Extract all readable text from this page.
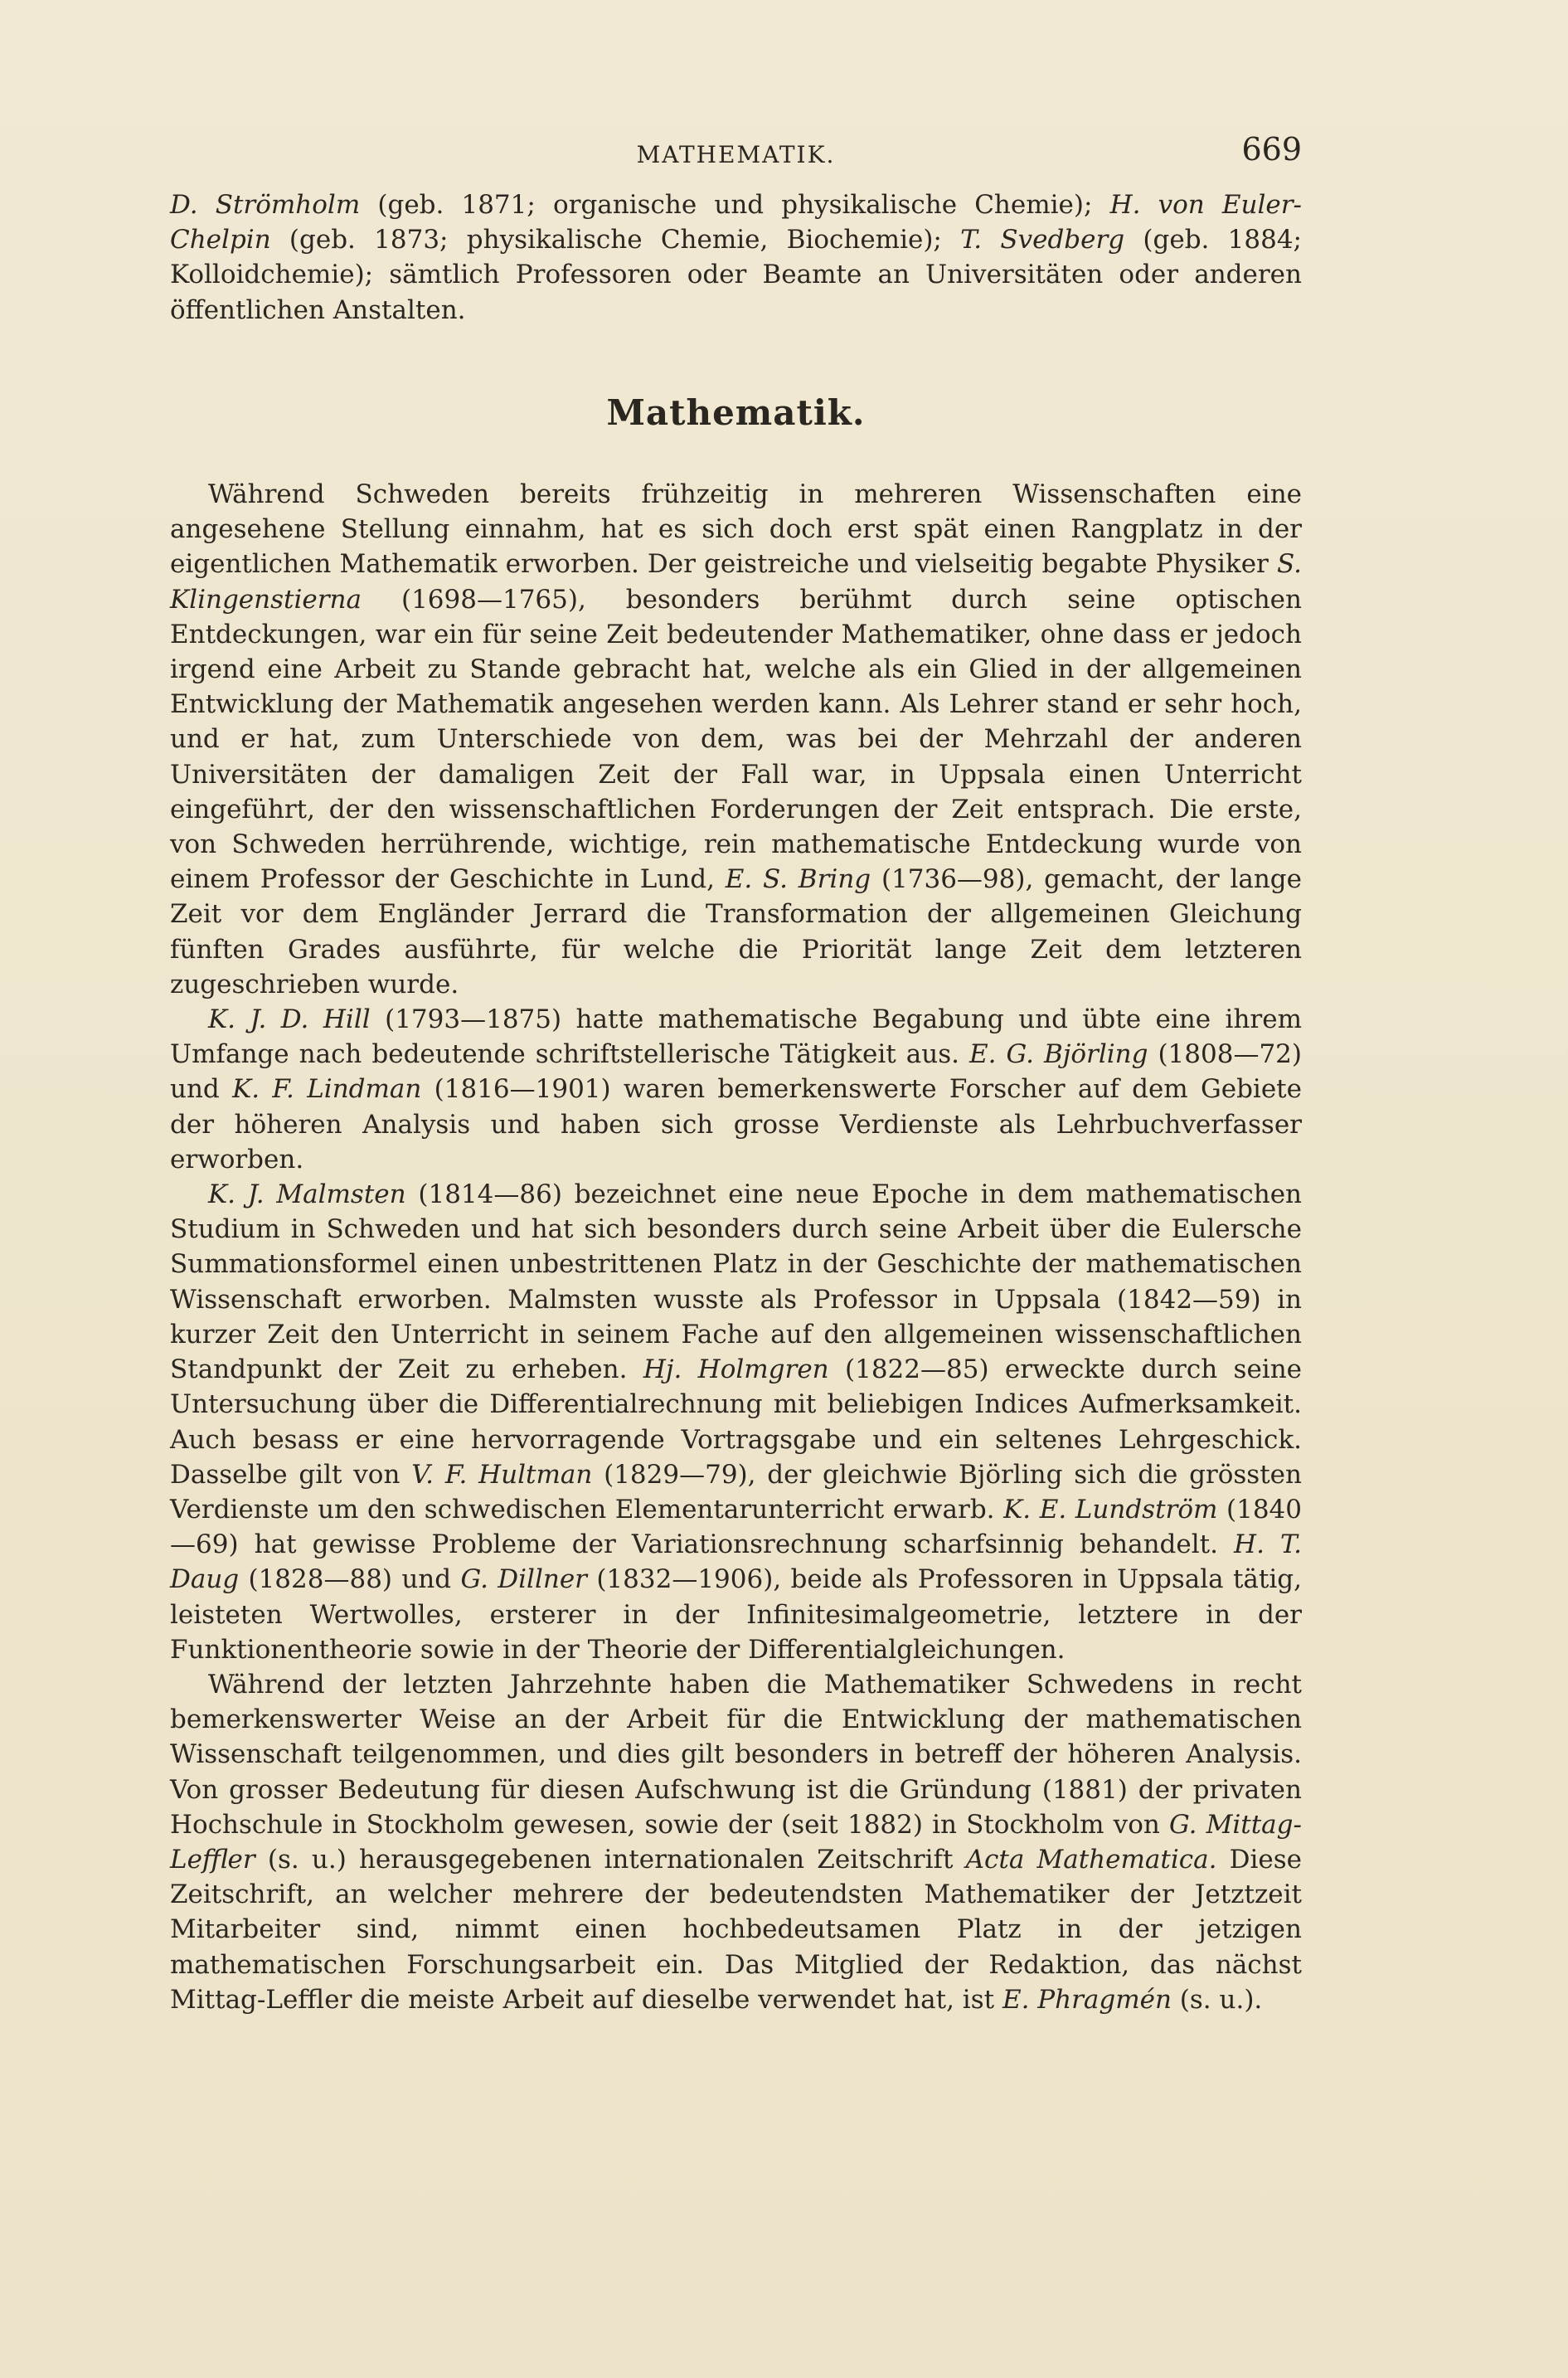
MATHEMATIK.	669

D. Strömholm (geb. 1871; organische und physikalische Chemie); H. von Euler-Chelpin (geb. 1873; physikalische Chemie, Biochemie); T. Svedberg (geb. 1884; Kolloidchemie); sämtlich Professoren oder Beamte an Universitäten oder anderen öffentlichen Anstalten.

Mathematik.

Während Schweden bereits frühzeitig in mehreren Wissenschaften eine angesehene Stellung einnahm, hat es sich doch erst spät einen Rangplatz in der eigentlichen Mathematik erworben. Der geistreiche und vielseitig begabte Physiker S. Klingenstierna (1698—1765), besonders berühmt durch seine optischen Entdeckungen, war ein für seine Zeit bedeutender Mathematiker, ohne dass er jedoch irgend eine Arbeit zu Stande gebracht hat, welche als ein Glied in der allgemeinen Entwicklung der Mathematik angesehen werden kann. Als Lehrer stand er sehr hoch, und er hat, zum Unterschiede von dem, was bei der Mehrzahl der anderen Universitäten der damaligen Zeit der Fall war, in Uppsala einen Unterricht eingeführt, der den wissenschaftlichen Forderungen der Zeit entsprach. Die erste, von Schweden herrührende, wichtige, rein mathematische Entdeckung wurde von einem Professor der Geschichte in Lund, E. S. Bring (1736—98), gemacht, der lange Zeit vor dem Engländer Jerrard die Transformation der allgemeinen Gleichung fünften Grades ausführte, für welche die Priorität lange Zeit dem letzteren zugeschrieben wurde.

K. J. D. Hill (1793—1875) hatte mathematische Begabung und übte eine ihrem Umfange nach bedeutende schriftstellerische Tätigkeit aus. E. G. Björling (1808—72) und K. F. Lindman (1816—1901) waren bemerkenswerte Forscher auf dem Gebiete der höheren Analysis und haben sich grosse Verdienste als Lehrbuchverfasser erworben.

K. J. Malmsten (1814—86) bezeichnet eine neue Epoche in dem mathematischen Studium in Schweden und hat sich besonders durch seine Arbeit über die Eulersche Summationsformel einen unbestrittenen Platz in der Geschichte der mathematischen Wissenschaft erworben. Malmsten wusste als Professor in Uppsala (1842—59) in kurzer Zeit den Unterricht in seinem Fache auf den allgemeinen wissenschaftlichen Standpunkt der Zeit zu erheben. Hj. Holmgren (1822—85) erweckte durch seine Untersuchung über die Differentialrechnung mit beliebigen Indices Aufmerksamkeit. Auch besass er eine hervorragende Vortragsgabe und ein seltenes Lehrgeschick. Dasselbe gilt von V. F. Hultman (1829—79), der gleichwie Björling sich die grössten Verdienste um den schwedischen Elementarunterricht erwarb. K. E. Lundström (1840—69) hat gewisse Probleme der Variationsrechnung scharfsinnig behandelt. H. T. Daug (1828—88) und G. Dillner (1832—1906), beide als Professoren in Uppsala tätig, leisteten Wertwolles, ersterer in der Infinitesimalgeometrie, letztere in der Funktionentheorie sowie in der Theorie der Differentialgleichungen.

Während der letzten Jahrzehnte haben die Mathematiker Schwedens in recht bemerkenswerter Weise an der Arbeit für die Entwicklung der mathematischen Wissenschaft teilgenommen, und dies gilt besonders in betreff der höheren Analysis. Von grosser Bedeutung für diesen Aufschwung ist die Gründung (1881) der privaten Hochschule in Stockholm gewesen, sowie der (seit 1882) in Stockholm von G. Mittag-Leffler (s. u.) herausgegebenen internationalen Zeitschrift Acta Mathematica. Diese Zeitschrift, an welcher mehrere der bedeutendsten Mathematiker der Jetztzeit Mitarbeiter sind, nimmt einen hochbedeutsamen Platz in der jetzigen mathematischen Forschungsarbeit ein. Das Mitglied der Redaktion, das nächst Mittag-Leffler die meiste Arbeit auf dieselbe verwendet hat, ist E. Phragmén (s. u.).
